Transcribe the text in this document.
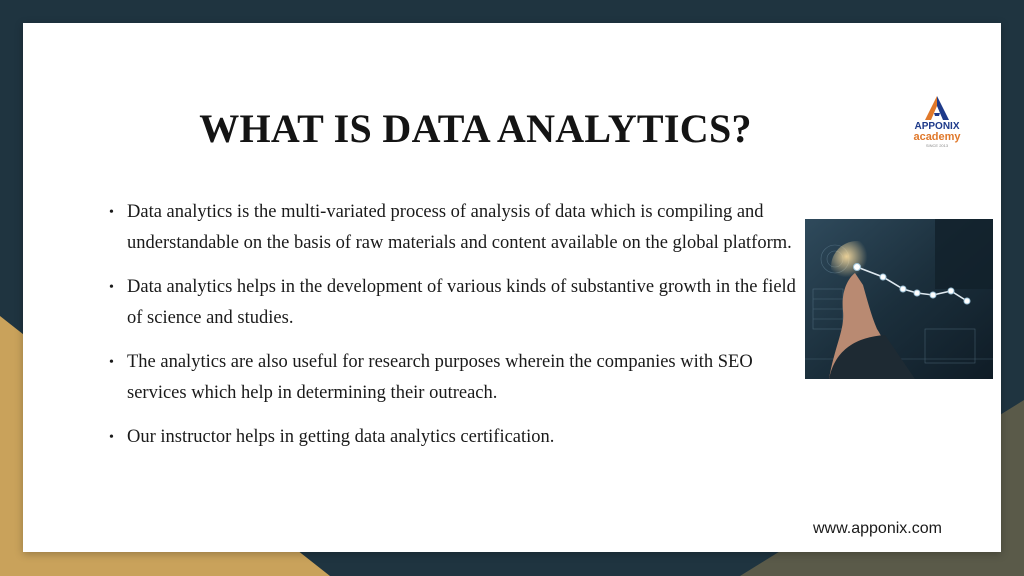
WHAT IS DATA ANALYTICS?	APPONIX
academy
SINCE 2013
• Data analytics is the multi-variated process of analysis of data which is compiling and understandable on the basis of raw materials and content available on the global platform.
• Data analytics helps in the development of various kinds of substantive growth in the field of science and studies.
• The analytics are also useful for research purposes wherein the companies with SEO services which help in determining their outreach.
• Our instructor helps in getting data analytics certification.
www.apponix.com
